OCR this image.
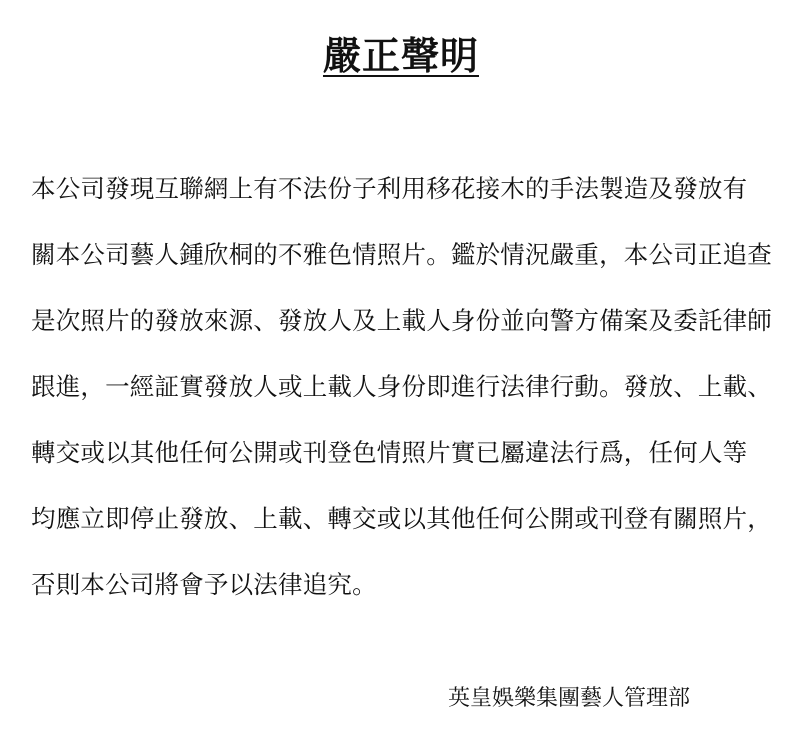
嚴正聲明
本公司發現互聯網上有不法份子利用移花接木的手法製造及發放有
關本公司藝人鍾欣桐的不雅色情照片。鑑於情況嚴重，本公司正追查
是次照片的發放來源、發放人及上載人身份並向警方備案及委託律師
跟進，一經証實發放人或上載人身份即進行法律行動。發放、上載、
轉交或以其他任何公開或刊登色情照片實已屬違法行爲，任何人等
均應立即停止發放、上載、轉交或以其他任何公開或刊登有關照片，
否則本公司將會予以法律追究。
英皇娛樂集團藝人管理部
